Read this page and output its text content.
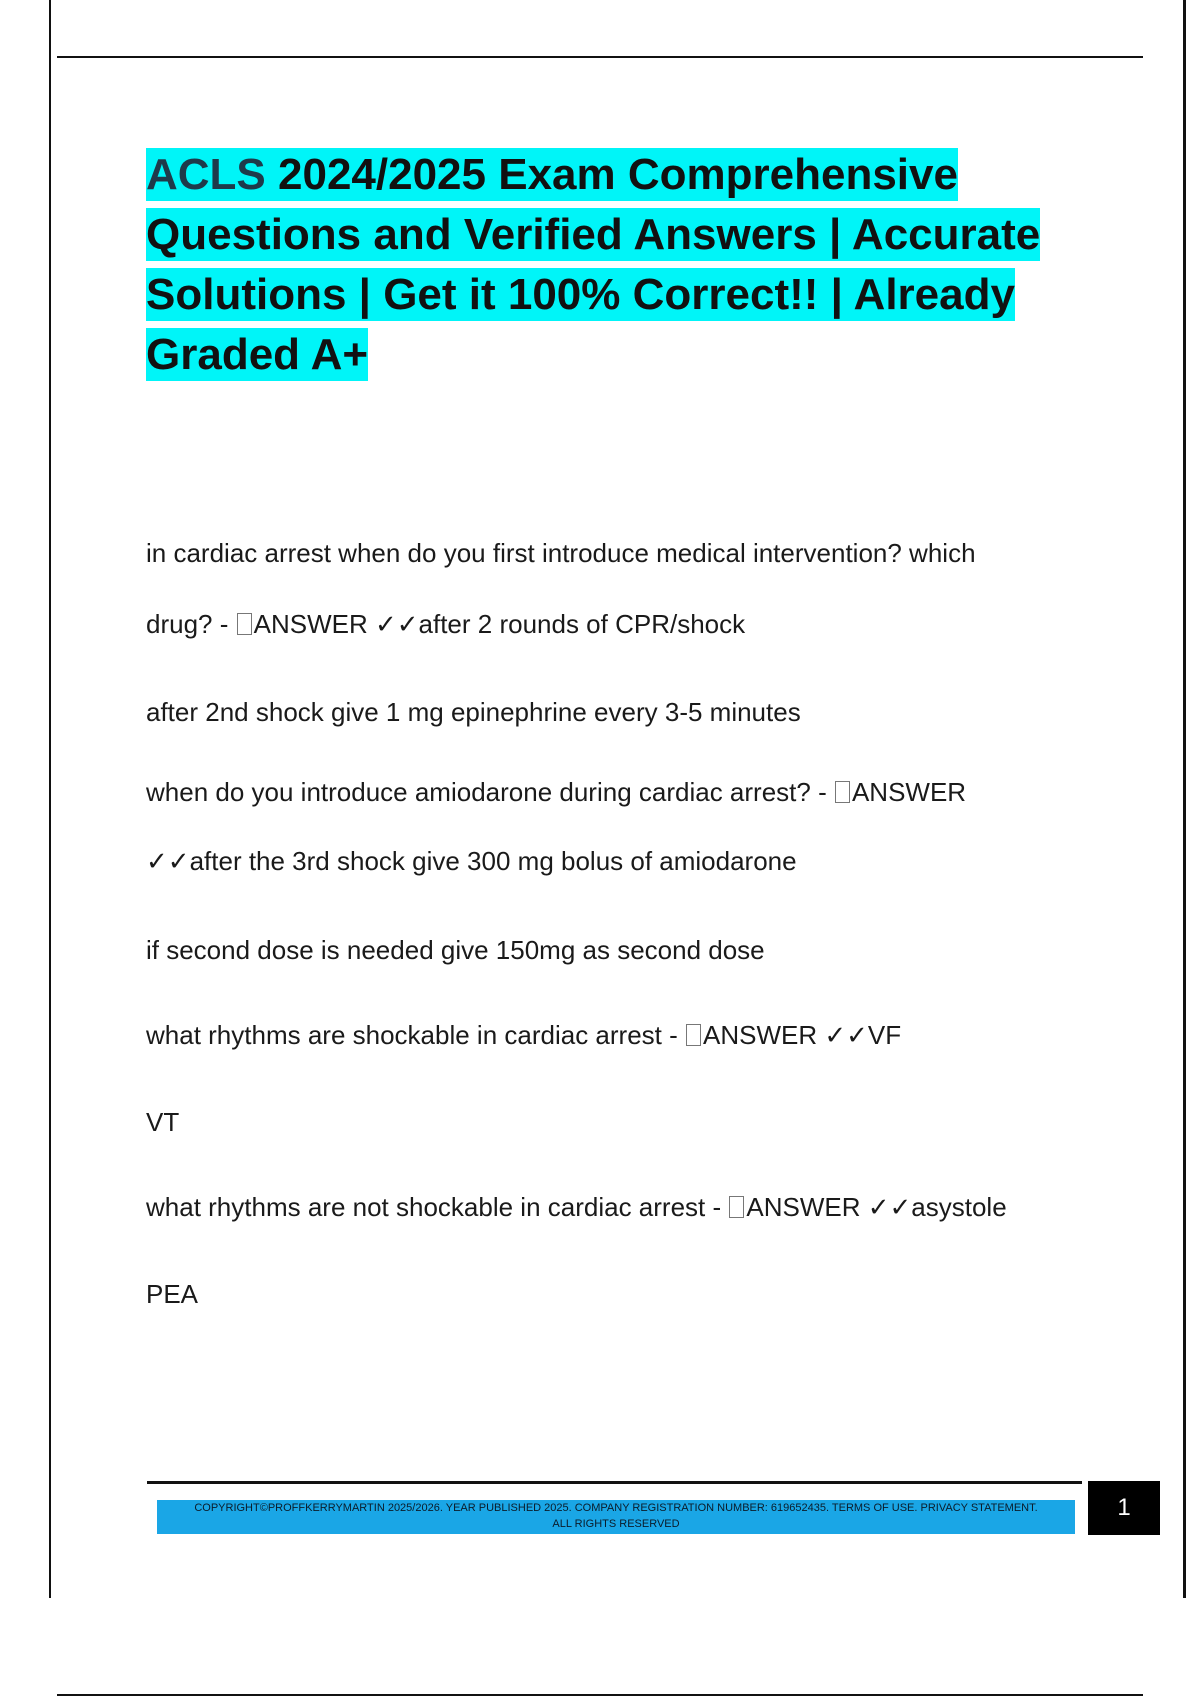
ACLS 2024/2025 Exam Comprehensive Questions and Verified Answers | Accurate Solutions | Get it 100% Correct!! | Already Graded A+

in cardiac arrest when do you first introduce medical intervention? which

drug? - ANSWER ✓✓after 2 rounds of CPR/shock

after 2nd shock give 1 mg epinephrine every 3-5 minutes

when do you introduce amiodarone during cardiac arrest? - ANSWER

✓✓after the 3rd shock give 300 mg bolus of amiodarone

if second dose is needed give 150mg as second dose

what rhythms are shockable in cardiac arrest - ANSWER ✓✓VF

VT

what rhythms are not shockable in cardiac arrest - ANSWER ✓✓asystole

PEA

COPYRIGHT©PROFFKERRYMARTIN 2025/2026. YEAR PUBLISHED 2025. COMPANY REGISTRATION NUMBER: 619652435. TERMS OF USE. PRIVACY STATEMENT.
ALL RIGHTS RESERVED
1
